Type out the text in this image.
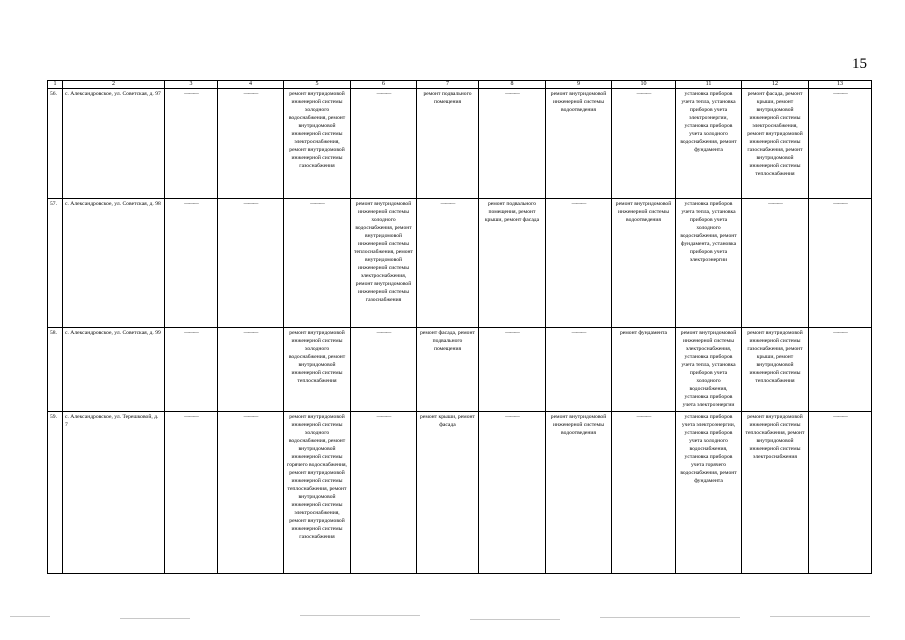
15
1	2	3	4	5	6	7	8	9	10	11	12	13
56.	с. Александровское, ул. Советская, д. 97	———	———	ремонт внутридомовой инженерной системы холодного водоснабжения, ремонт внутридомовой инженерной системы электроснабжения, ремонт внутридомовой инженерной системы газоснабжения	———	ремонт подвального помещения	———	ремонт внутридомовой инженерной системы водоотведения	———	установка приборов учета тепла, установка приборов учета электроэнергии, установка приборов учета холодного водоснабжения, ремонт фундамента	ремонт фасада, ремонт крыши, ремонт внутридомовой инженерной системы электроснабжения, ремонт внутридомовой инженерной системы газоснабжения, ремонт внутридомовой инженерной системы теплоснабжения	———

57.	с. Александровское, ул. Советская, д. 98	———	———	———	ремонт внутридомовой инженерной системы холодного водоснабжения, ремонт внутридомовой инженерной системы теплоснабжения, ремонт внутридомовой инженерной системы электроснабжения, ремонт внутридомовой инженерной системы газоснабжения	———	ремонт подвального помещения, ремонт крыши, ремонт фасада	———	ремонт внутридомовой инженерной системы водоотведения	установка приборов учета тепла, установка приборов учета холодного водоснабжения, ремонт фундамента, установка приборов учета электроэнергии	———	———

58.	с. Александровское, ул. Советская, д. 99	———	———	ремонт внутридомовой инженерной системы холодного водоснабжения, ремонт внутридомовой инженерной системы теплоснабжения	———	ремонт фасада, ремонт подвального помещения	———	———	ремонт фундамента	ремонт внутридомовой инженерной системы электроснабжения, установка приборов учета тепла, установка приборов учета холодного водоснабжения, установка приборов учета электроэнергии	ремонт внутридомовой инженерной системы газоснабжения, ремонт крыши, ремонт внутридомовой инженерной системы теплоснабжения	———

59.	с. Александровское, ул. Терешковой, д. 7	———	———	ремонт внутридомовой инженерной системы холодного водоснабжения, ремонт внутридомовой инженерной системы горячего водоснабжения, ремонт внутридомовой инженерной системы теплоснабжения, ремонт внутридомовой инженерной системы электроснабжения, ремонт внутридомовой инженерной системы газоснабжения	———	ремонт крыши, ремонт фасада	———	ремонт внутридомовой инженерной системы водоотведения	———	установка приборов учета электроэнергии, установка приборов учета холодного водоснабжения, установка приборов учета горячего водоснабжения, ремонт фундамента	ремонт внутридомовой инженерной системы теплоснабжения, ремонт внутридомовой инженерной системы электроснабжения	———
